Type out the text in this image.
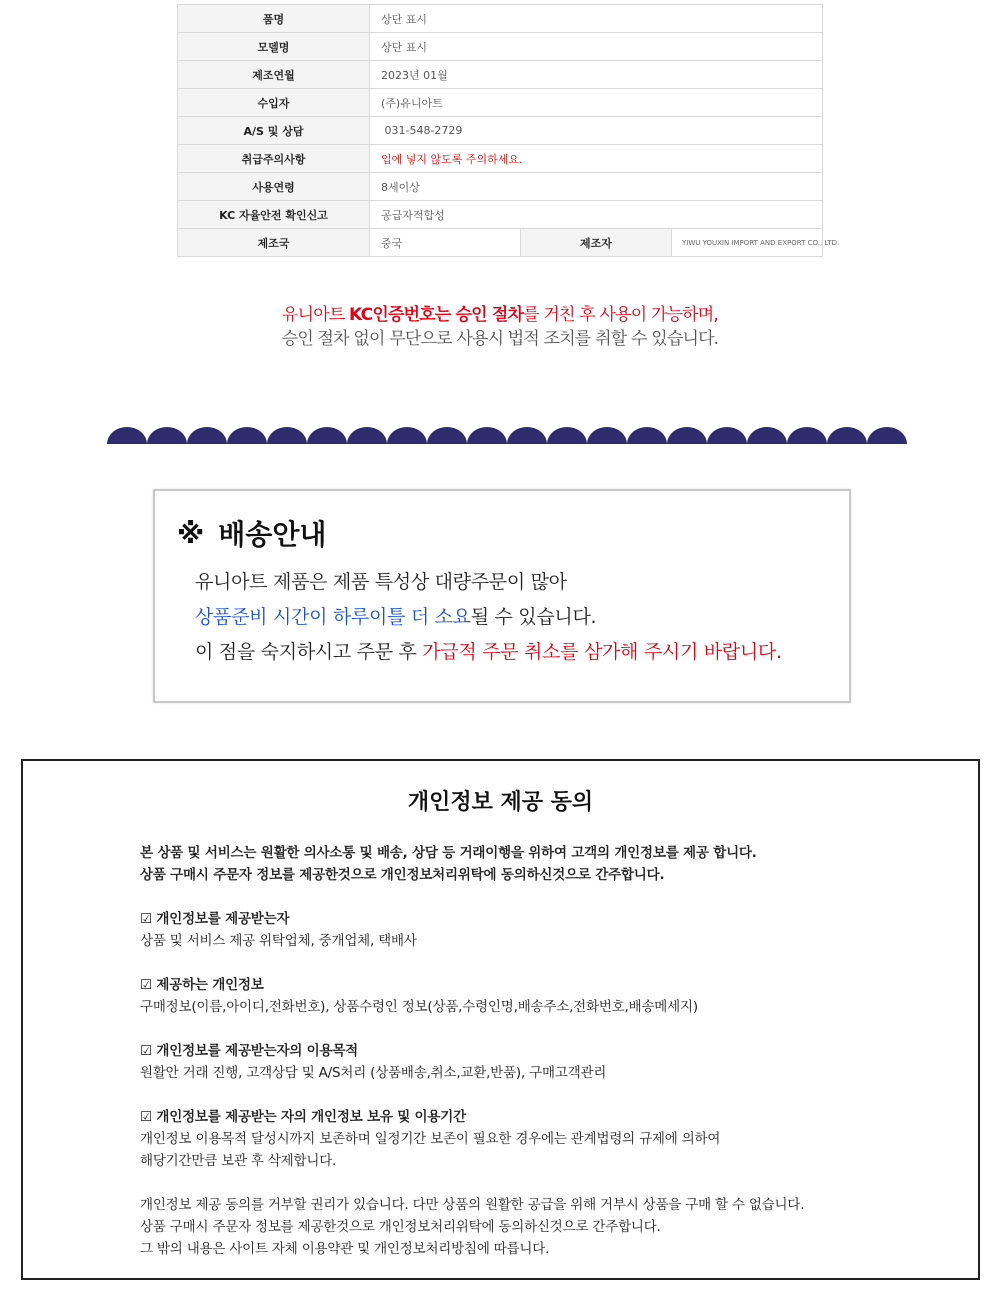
품명	상단 표시		
모델명	상단 표시		
제조연월	2023년 01월		
수입자	(주)유니아트		
A/S 및 상담	031-548-2729		
취급주의사항	입에 넣지 않도록 주의하세요.		
사용연령	8세이상		
KC 자율안전 확인신고	공급자적합성		
제조국	중국	제조자	YIWU YOUXIN IMPORT AND EXPORT CO., LTD.
유니아트 KC인증번호는 승인 절차를 거친 후 사용이 가능하며,
승인 절차 없이 무단으로 사용시 법적 조치를 취할 수 있습니다.
※ 배송안내
유니아트 제품은 제품 특성상 대량주문이 많아
상품준비 시간이 하루이틀 더 소요될 수 있습니다.
이 점을 숙지하시고 주문 후 가급적 주문 취소를 삼가해 주시기 바랍니다.
개인정보 제공 동의
본 상품 및 서비스는 원활한 의사소통 및 배송, 상담 등 거래이행을 위하여 고객의 개인정보를 제공 합니다.
상품 구매시 주문자 정보를 제공한것으로 개인정보처리위탁에 동의하신것으로 간주합니다.
☑ 개인정보를 제공받는자
상품 및 서비스 제공 위탁업체, 중개업체, 택배사
☑ 제공하는 개인정보
구매정보(이름,아이디,전화번호), 상품수령인 정보(상품,수령인명,배송주소,전화번호,배송메세지)
☑ 개인정보를 제공받는자의 이용목적
원활안 거래 진행, 고객상담 및 A/S처리 (상품배송,취소,교환,반품), 구매고객관리
☑ 개인정보를 제공받는 자의 개인정보 보유 및 이용기간
개인정보 이용목적 달성시까지 보존하며 일정기간 보존이 필요한 경우에는 관계법령의 규제에 의하여
해당기간만큼 보관 후 삭제합니다.
개인정보 제공 동의를 거부할 권리가 있습니다. 다만 상품의 원활한 공급을 위해 거부시 상품을 구매 할 수 없습니다.
상품 구매시 주문자 정보를 제공한것으로 개인정보처리위탁에 동의하신것으로 간주합니다.
그 밖의 내용은 사이트 자체 이용약관 및 개인정보처리방침에 따릅니다.
